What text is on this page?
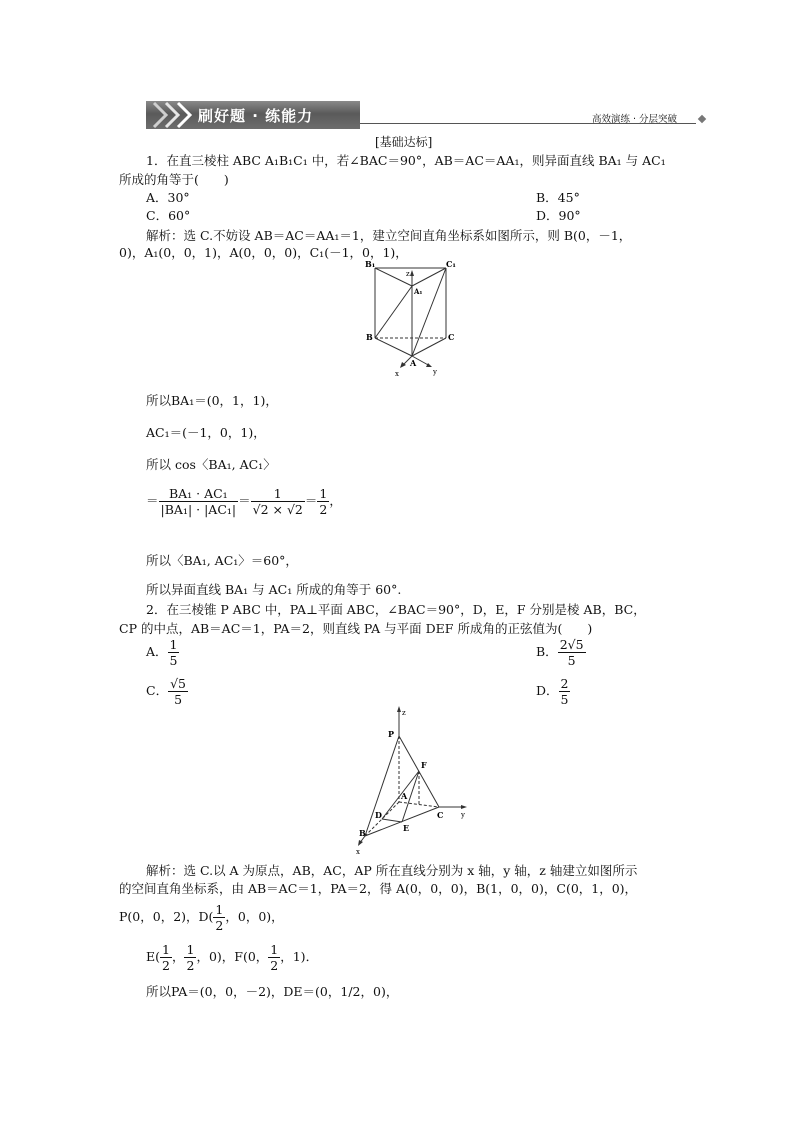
刷好题 · 练能力	高效演练 · 分层突破
[基础达标]
1．在直三棱柱 ABC A₁B₁C₁ 中，若∠BAC＝90°，AB＝AC＝AA₁，则异面直线 BA₁ 与 AC₁
所成的角等于(　　)
A．30°	B．45°
C．60°	D．90°
解析：选 C.不妨设 AB＝AC＝AA₁＝1，建立空间直角坐标系如图所示，则 B(0，－1，
0)，A₁(0，0，1)，A(0，0，0)，C₁(－1，0，1)，
B₁
z
C₁
A₁
B	C
A
x	y
所以BA₁＝(0，1，1)，
AC₁＝(－1，0，1)，
所以 cos〈BA₁, AC₁〉
＝ $\frac{\text{BA₁ · AC₁}}{\text{|BA₁| · |AC₁|}} = \frac{1}{√2 \times √2} = \frac{1}{2}$ ，
所以〈BA₁, AC₁〉＝60°，
所以异面直线 BA₁ 与 AC₁ 所成的角等于 60°.
2．在三棱锥 P ABC 中，PA⊥平面 ABC，∠BAC＝90°，D，E，F 分别是棱 AB，BC，
CP 的中点，AB＝AC＝1，PA＝2，则直线 PA 与平面 DEF 所成角的正弦值为(　　)
A． $\frac{1}{5}$	B． $\frac{2√5}{5}$
C． $\frac{√5}{5}$	D． $\frac{2}{5}$
z
P
F
A
D	C	y
E
B
x
解析：选 C.以 A 为原点，AB，AC，AP 所在直线分别为 x 轴，y 轴，z 轴建立如图所示
的空间直角坐标系，由 AB＝AC＝1，PA＝2，得 A(0，0，0)，B(1，0，0)，C(0，1，0)，
P(0，0，2)，$D( \frac{1}{2}$ ，0，0)，
$E( \frac{1}{2}$ ， $\frac{1}{2}$ ，0)，F(0， $\frac{1}{2}$ ，1)．
所以PA＝(0，0，－2)，DE＝(0，1/2，0)，
